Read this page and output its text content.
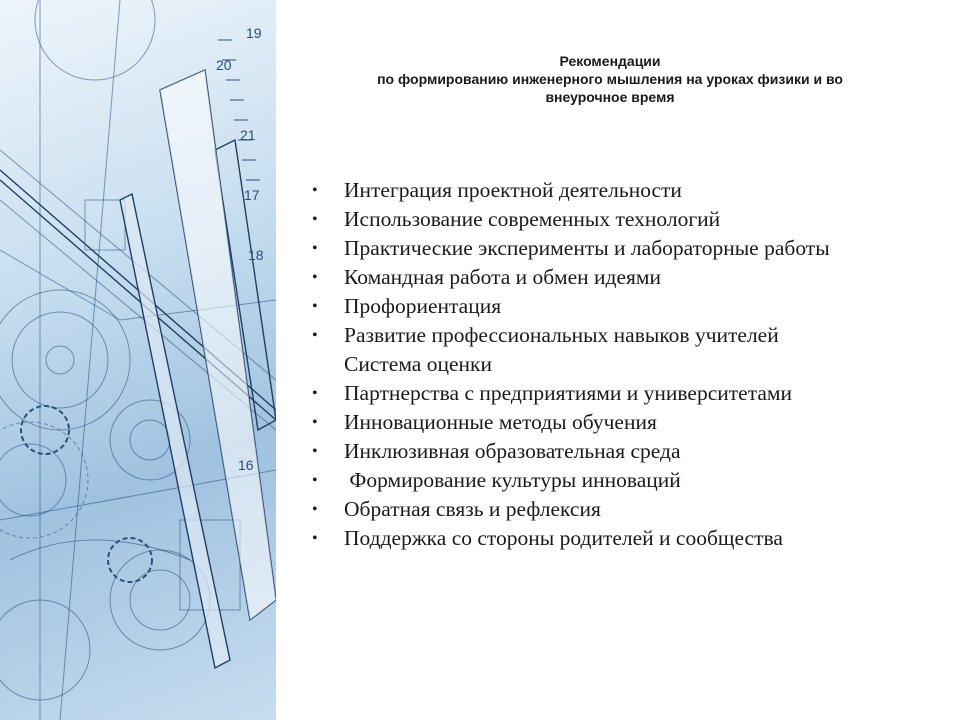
19
20
21
17
18
16
Рекомендации
по формированию инженерного мышления на уроках физики и во
внеурочное время
• Интеграция проектной деятельности
• Использование современных технологий
• Практические эксперименты и лабораторные работы
• Командная работа и обмен идеями
• Профориентация
• Развитие профессиональных навыков учителей
Система оценки
• Партнерства с предприятиями и университетами
• Инновационные методы обучения
• Инклюзивная образовательная среда
• Формирование культуры инноваций
• Обратная связь и рефлексия
• Поддержка со стороны родителей и сообщества
